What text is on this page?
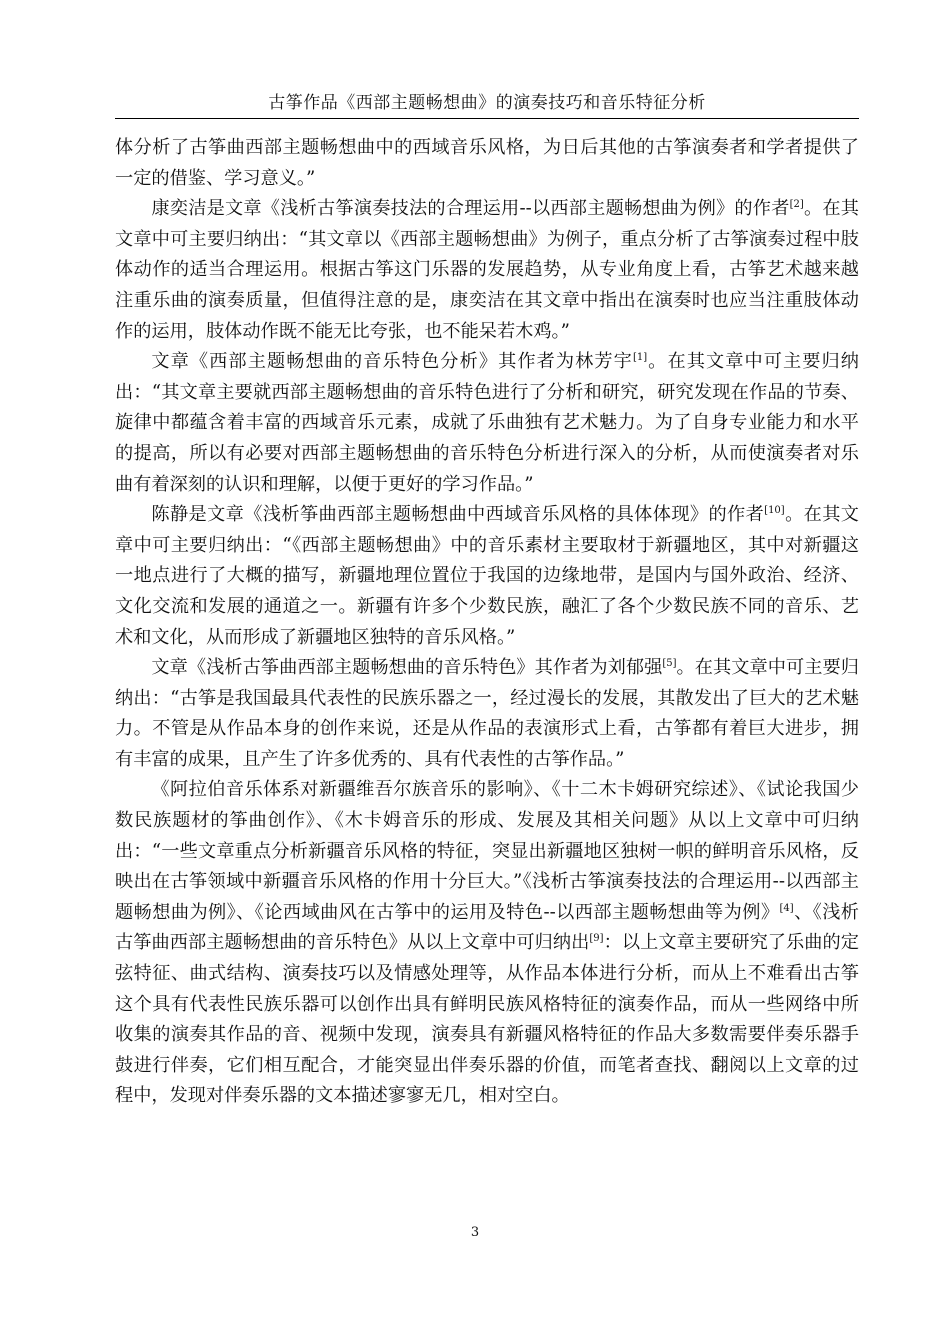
古筝作品《西部主题畅想曲》的演奏技巧和音乐特征分析

体分析了古筝曲西部主题畅想曲中的西域音乐风格，为日后其他的古筝演奏者和学者提供了一定的借鉴、学习意义。”

康奕洁是文章《浅析古筝演奏技法的合理运用--以西部主题畅想曲为例》的作者[2]。在其文章中可主要归纳出：“其文章以《西部主题畅想曲》为例子，重点分析了古筝演奏过程中肢体动作的适当合理运用。根据古筝这门乐器的发展趋势，从专业角度上看，古筝艺术越来越注重乐曲的演奏质量，但值得注意的是，康奕洁在其文章中指出在演奏时也应当注重肢体动作的运用，肢体动作既不能无比夸张，也不能呆若木鸡。”

文章《西部主题畅想曲的音乐特色分析》其作者为林芳宇[1]。在其文章中可主要归纳出：“其文章主要就西部主题畅想曲的音乐特色进行了分析和研究，研究发现在作品的节奏、旋律中都蕴含着丰富的西域音乐元素，成就了乐曲独有艺术魅力。为了自身专业能力和水平的提高，所以有必要对西部主题畅想曲的音乐特色分析进行深入的分析，从而使演奏者对乐曲有着深刻的认识和理解，以便于更好的学习作品。”

陈静是文章《浅析筝曲西部主题畅想曲中西域音乐风格的具体体现》的作者[10]。在其文章中可主要归纳出：“《西部主题畅想曲》中的音乐素材主要取材于新疆地区，其中对新疆这一地点进行了大概的描写，新疆地理位置位于我国的边缘地带，是国内与国外政治、经济、文化交流和发展的通道之一。新疆有许多个少数民族，融汇了各个少数民族不同的音乐、艺术和文化，从而形成了新疆地区独特的音乐风格。”

文章《浅析古筝曲西部主题畅想曲的音乐特色》其作者为刘郁强[5]。在其文章中可主要归纳出：“古筝是我国最具代表性的民族乐器之一，经过漫长的发展，其散发出了巨大的艺术魅力。不管是从作品本身的创作来说，还是从作品的表演形式上看，古筝都有着巨大进步，拥有丰富的成果，且产生了许多优秀的、具有代表性的古筝作品。”

《阿拉伯音乐体系对新疆维吾尔族音乐的影响》、《十二木卡姆研究综述》、《试论我国少数民族题材的筝曲创作》、《木卡姆音乐的形成、发展及其相关问题》从以上文章中可归纳出：“一些文章重点分析新疆音乐风格的特征，突显出新疆地区独树一帜的鲜明音乐风格，反映出在古筝领域中新疆音乐风格的作用十分巨大。”《浅析古筝演奏技法的合理运用--以西部主题畅想曲为例》、《论西域曲风在古筝中的运用及特色--以西部主题畅想曲等为例》[4]、《浅析古筝曲西部主题畅想曲的音乐特色》从以上文章中可归纳出[9]：以上文章主要研究了乐曲的定弦特征、曲式结构、演奏技巧以及情感处理等，从作品本体进行分析，而从上不难看出古筝这个具有代表性民族乐器可以创作出具有鲜明民族风格特征的演奏作品，而从一些网络中所收集的演奏其作品的音、视频中发现，演奏具有新疆风格特征的作品大多数需要伴奏乐器手鼓进行伴奏，它们相互配合，才能突显出伴奏乐器的价值，而笔者查找、翻阅以上文章的过程中，发现对伴奏乐器的文本描述寥寥无几，相对空白。

3
